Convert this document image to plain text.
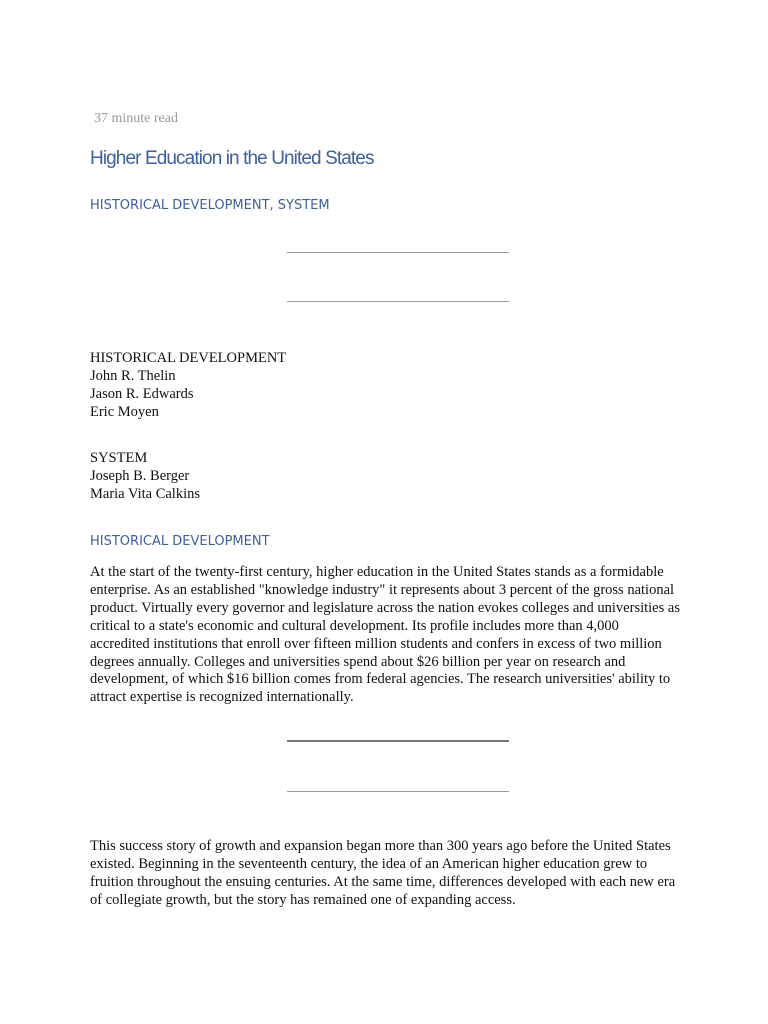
37 minute read
Higher Education in the United States
HISTORICAL DEVELOPMENT, SYSTEM
HISTORICAL DEVELOPMENT
John R. Thelin
Jason R. Edwards
Eric Moyen
SYSTEM
Joseph B. Berger
Maria Vita Calkins
HISTORICAL DEVELOPMENT

At the start of the twenty-first century, higher education in the United States stands as a formidable enterprise. As an established "knowledge industry" it represents about 3 percent of the gross national product. Virtually every governor and legislature across the nation evokes colleges and universities as critical to a state's economic and cultural development. Its profile includes more than 4,000 accredited institutions that enroll over fifteen million students and confers in excess of two million degrees annually. Colleges and universities spend about $26 billion per year on research and development, of which $16 billion comes from federal agencies. The research universities' ability to attract expertise is recognized internationally.

This success story of growth and expansion began more than 300 years ago before the United States existed. Beginning in the seventeenth century, the idea of an American higher education grew to fruition throughout the ensuing centuries. At the same time, differences developed with each new era of collegiate growth, but the story has remained one of expanding access.
